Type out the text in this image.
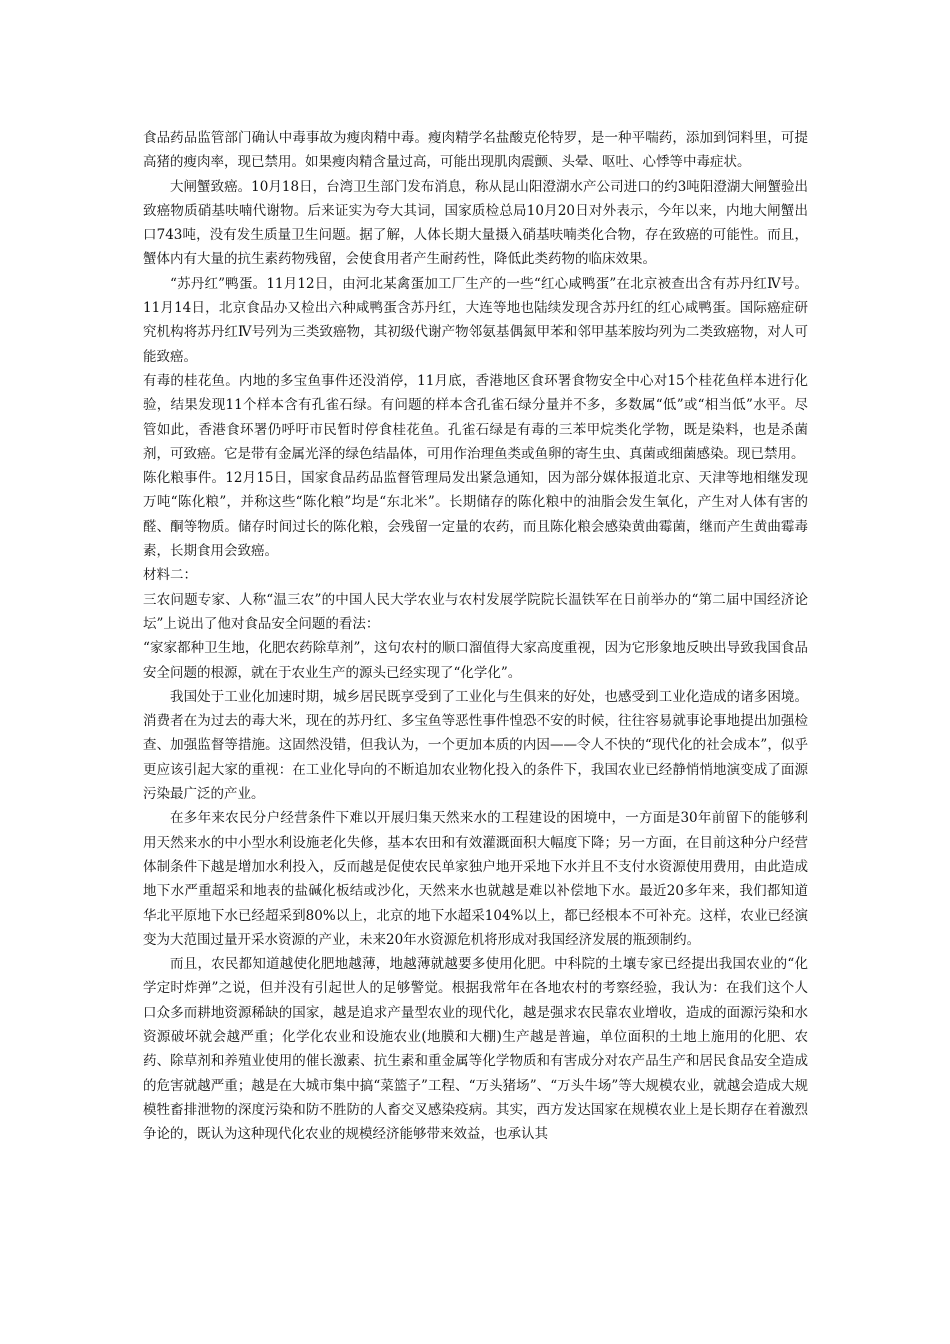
食品药品监管部门确认中毒事故为瘦肉精中毒。瘦肉精学名盐酸克伦特罗，是一种平喘药，添加到饲料里，可提高猪的瘦肉率，现已禁用。如果瘦肉精含量过高，可能出现肌肉震颤、头晕、呕吐、心悸等中毒症状。

大闸蟹致癌。10月18日，台湾卫生部门发布消息，称从昆山阳澄湖水产公司进口的约3吨阳澄湖大闸蟹验出致癌物质硝基呋喃代谢物。后来证实为夸大其词，国家质检总局10月20日对外表示，今年以来，内地大闸蟹出口743吨，没有发生质量卫生问题。据了解，人体长期大量摄入硝基呋喃类化合物，存在致癌的可能性。而且，蟹体内有大量的抗生素药物残留，会使食用者产生耐药性，降低此类药物的临床效果。

“苏丹红”鸭蛋。11月12日，由河北某禽蛋加工厂生产的一些“红心咸鸭蛋”在北京被查出含有苏丹红Ⅳ号。11月14日，北京食品办又检出六种咸鸭蛋含苏丹红，大连等地也陆续发现含苏丹红的红心咸鸭蛋。国际癌症研究机构将苏丹红Ⅳ号列为三类致癌物，其初级代谢产物邻氨基偶氮甲苯和邻甲基苯胺均列为二类致癌物，对人可能致癌。

有毒的桂花鱼。内地的多宝鱼事件还没消停，11月底，香港地区食环署食物安全中心对15个桂花鱼样本进行化验，结果发现11个样本含有孔雀石绿。有问题的样本含孔雀石绿分量并不多，多数属“低”或“相当低”水平。尽管如此，香港食环署仍呼吁市民暂时停食桂花鱼。孔雀石绿是有毒的三苯甲烷类化学物，既是染料，也是杀菌剂，可致癌。它是带有金属光泽的绿色结晶体，可用作治理鱼类或鱼卵的寄生虫、真菌或细菌感染。现已禁用。

陈化粮事件。12月15日，国家食品药品监督管理局发出紧急通知，因为部分媒体报道北京、天津等地相继发现万吨“陈化粮”，并称这些“陈化粮”均是“东北米”。长期储存的陈化粮中的油脂会发生氧化，产生对人体有害的醛、酮等物质。储存时间过长的陈化粮，会残留一定量的农药，而且陈化粮会感染黄曲霉菌，继而产生黄曲霉毒素，长期食用会致癌。

材料二：

三农问题专家、人称“温三农”的中国人民大学农业与农村发展学院院长温铁军在日前举办的“第二届中国经济论坛”上说出了他对食品安全问题的看法：

“家家都种卫生地，化肥农药除草剂”，这句农村的顺口溜值得大家高度重视，因为它形象地反映出导致我国食品安全问题的根源，就在于农业生产的源头已经实现了“化学化”。

我国处于工业化加速时期，城乡居民既享受到了工业化与生俱来的好处，也感受到工业化造成的诸多困境。消费者在为过去的毒大米，现在的苏丹红、多宝鱼等恶性事件惶恐不安的时候，往往容易就事论事地提出加强检查、加强监督等措施。这固然没错，但我认为，一个更加本质的内因——令人不快的“现代化的社会成本”，似乎更应该引起大家的重视：在工业化导向的不断追加农业物化投入的条件下，我国农业已经静悄悄地演变成了面源污染最广泛的产业。

在多年来农民分户经营条件下难以开展归集天然来水的工程建设的困境中，一方面是30年前留下的能够利用天然来水的中小型水利设施老化失修，基本农田和有效灌溉面积大幅度下降；另一方面，在目前这种分户经营体制条件下越是增加水利投入，反而越是促使农民单家独户地开采地下水并且不支付水资源使用费用，由此造成地下水严重超采和地表的盐碱化板结或沙化，天然来水也就越是难以补偿地下水。最近20多年来，我们都知道华北平原地下水已经超采到80%以上，北京的地下水超采104%以上，都已经根本不可补充。这样，农业已经演变为大范围过量开采水资源的产业，未来20年水资源危机将形成对我国经济发展的瓶颈制约。

而且，农民都知道越使化肥地越薄，地越薄就越要多使用化肥。中科院的土壤专家已经提出我国农业的“化学定时炸弹”之说，但并没有引起世人的足够警觉。根据我常年在各地农村的考察经验，我认为：在我们这个人口众多而耕地资源稀缺的国家，越是追求产量型农业的现代化，越是强求农民靠农业增收，造成的面源污染和水资源破坏就会越严重；化学化农业和设施农业(地膜和大棚)生产越是普遍，单位面积的土地上施用的化肥、农药、除草剂和养殖业使用的催长激素、抗生素和重金属等化学物质和有害成分对农产品生产和居民食品安全造成的危害就越严重；越是在大城市集中搞“菜篮子”工程、“万头猪场”、“万头牛场”等大规模农业，就越会造成大规模牲畜排泄物的深度污染和防不胜防的人畜交叉感染疫病。其实，西方发达国家在规模农业上是长期存在着激烈争论的，既认为这种现代化农业的规模经济能够带来效益，也承认其
